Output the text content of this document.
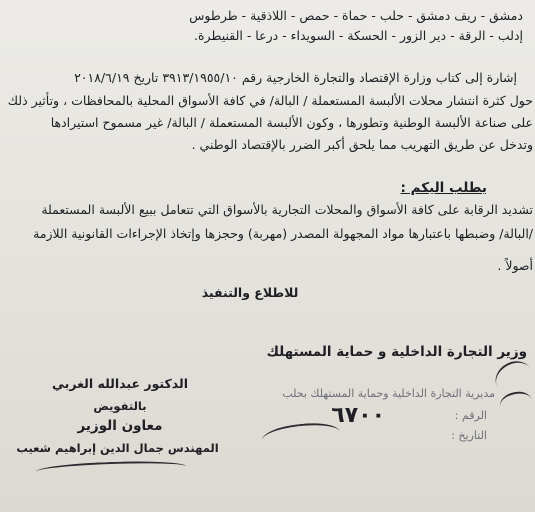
دمشق - ريف دمشق - حلب - حماة - حمص - اللاذقية - طرطوس
إدلب - الرقة - دير الزور - الحسكة - السويداء - درعا - القنيطرة.
إشارة إلى كتاب وزارة الإقتصاد والتجارة الخارجية رقم ٣٩١٣/١٩٥٥/١٠ تاريخ ٢٠١٨/٦/١٩
حول كثرة انتشار محلات الألبسة المستعملة / البالة/ في كافة الأسواق المحلية بالمحافظات ، وتأثير ذلك
على صناعة الألبسة الوطنية وتطورها ، وكون الألبسة المستعملة / البالة/ غير مسموح استيرادها
وتدخل عن طريق التهريب مما يلحق أكبر الضرر بالإقتصاد الوطني .
يطلب اليكم :
تشديد الرقابة على كافة الأسواق والمحلات التجارية بالأسواق التي تتعامل ببيع الألبسة المستعملة
/البالة/ وضبطها باعتبارها مواد المجهولة المصدر (مهربة) وحجزها وإتخاذ الإجراءات القانونية اللازمة
أصولاً .
للاطلاع والتنفيذ
وزير التجارة الداخلية و حماية المستهلك
الدكتور عبدالله الغربي
بالتفويض
معاون الوزير
المهندس جمال الدين إبراهيم شعيب
مديرية التجارة الداخلية وحماية المستهلك بحلب
الرقم :
التاريخ :
٦٧٠٠
